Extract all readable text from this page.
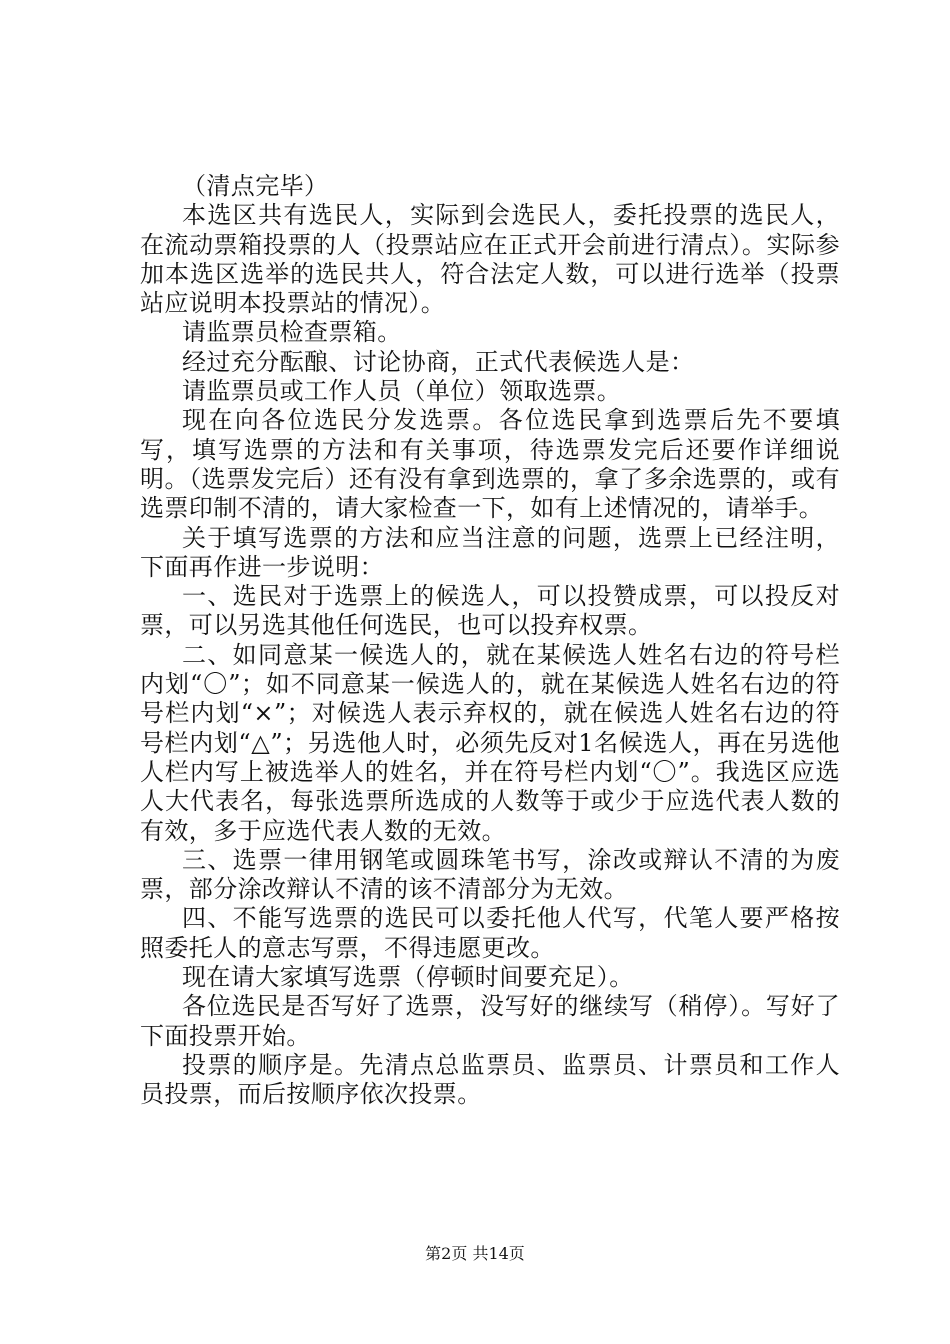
（清点完毕）

本选区共有选民人，实际到会选民人，委托投票的选民人，在流动票箱投票的人（投票站应在正式开会前进行清点）。实际参加本选区选举的选民共人，符合法定人数，可以进行选举（投票站应说明本投票站的情况）。

请监票员检查票箱。

经过充分酝酿、讨论协商，正式代表候选人是：

请监票员或工作人员（单位）领取选票。

现在向各位选民分发选票。各位选民拿到选票后先不要填写，填写选票的方法和有关事项，待选票发完后还要作详细说明。（选票发完后）还有没有拿到选票的，拿了多余选票的，或有选票印制不清的，请大家检查一下，如有上述情况的，请举手。

关于填写选票的方法和应当注意的问题，选票上已经注明，下面再作进一步说明：

一、选民对于选票上的候选人，可以投赞成票，可以投反对票，可以另选其他任何选民，也可以投弃权票。

二、如同意某一候选人的，就在某候选人姓名右边的符号栏内划“〇”；如不同意某一候选人的，就在某候选人姓名右边的符号栏内划“×”；对候选人表示弃权的，就在候选人姓名右边的符号栏内划“△”；另选他人时，必须先反对1名候选人，再在另选他人栏内写上被选举人的姓名，并在符号栏内划“〇”。我选区应选人大代表名，每张选票所选成的人数等于或少于应选代表人数的有效，多于应选代表人数的无效。

三、选票一律用钢笔或圆珠笔书写，涂改或辩认不清的为废票，部分涂改辩认不清的该不清部分为无效。

四、不能写选票的选民可以委托他人代写，代笔人要严格按照委托人的意志写票，不得违愿更改。

现在请大家填写选票（停顿时间要充足）。

各位选民是否写好了选票，没写好的继续写（稍停）。写好了下面投票开始。

投票的顺序是。先清点总监票员、监票员、计票员和工作人员投票，而后按顺序依次投票。

第2页 共14页
